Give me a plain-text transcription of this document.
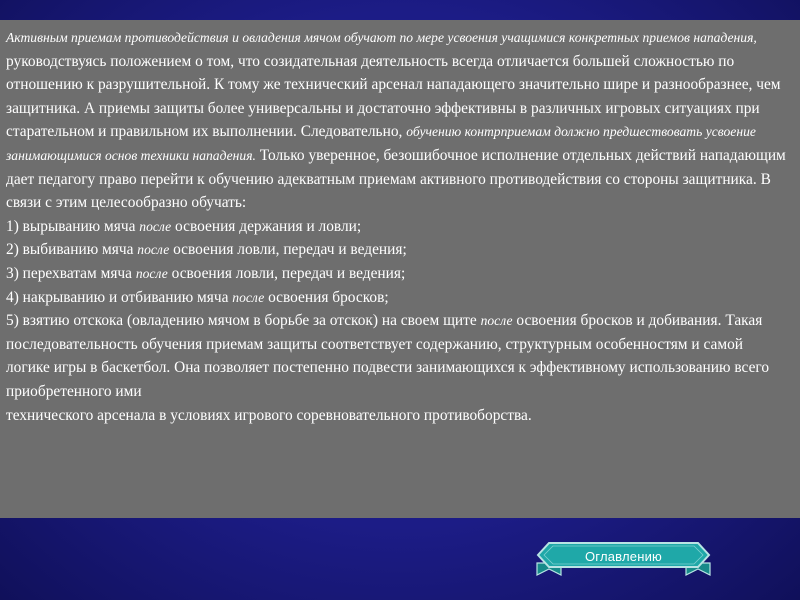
Активным приемам противодействия и овладения мячом обучают по мере усвоения учащимися конкретных приемов нападения, руководствуясь положением о том, что созидательная деятельность всегда отличается большей сложностью по отношению к разрушительной. К тому же технический арсенал нападающего значительно шире и разнообразнее, чем защитника. А приемы защиты более универсальны и достаточно эффективны в различных игровых ситуациях при старательном и правильном их выполнении. Следовательно, обучению контрприемам должно предшествовать усвоение занимающимися основ техники нападения. Только уверенное, безошибочное исполнение отдельных действий нападающим дает педагогу право перейти к обучению адекватным приемам активного противодействия со стороны защитника. В связи с этим целесообразно обучать:
1) вырыванию мяча после освоения держания и ловли;
2) выбиванию мяча после освоения ловли, передач и ведения;
3) перехватам мяча после освоения ловли, передач и ведения;
4) накрыванию и отбиванию мяча после освоения бросков;
5) взятию отскока (овладению мячом в борьбе за отскок) на своем щите после освоения бросков и добивания. Такая последовательность обучения приемам защиты соответствует содержанию, структурным особенностям и самой логике игры в баскетбол. Она позволяет постепенно подвести занимающихся к эффективному использованию всего приобретенного ими
технического арсенала в условиях игрового соревновательного противоборства.
Оглавлению
